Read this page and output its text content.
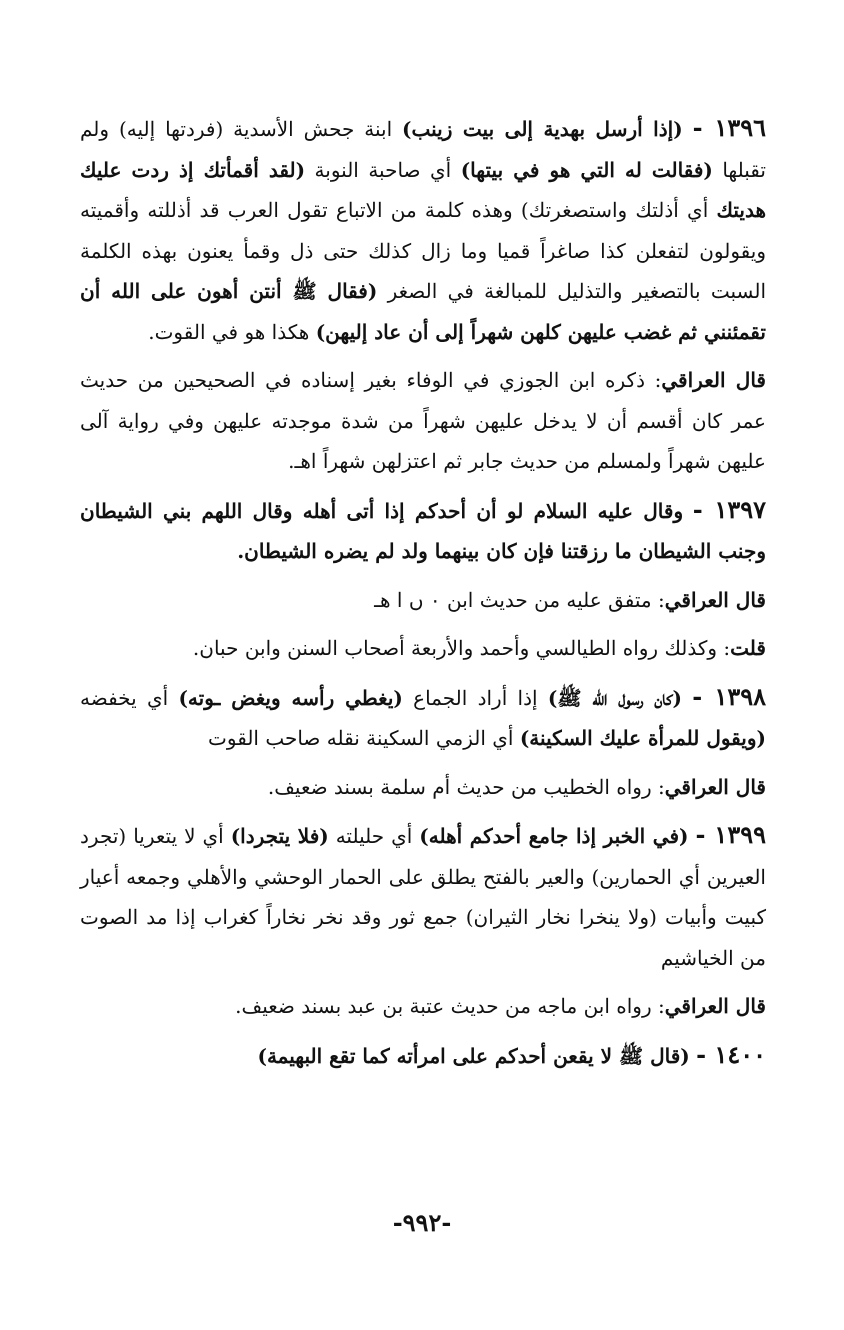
١٣٩٦ - (إذا أرسل بهدية إلى بيت زينب) ابنة جحش الأسدية (فردتها إليه) ولم تقبلها (فقالت له التي هو في بيتها) أي صاحبة النوبة (لقد أقمأتك إذ ردت عليك هديتك أي أذلتك واستصغرتك) وهذه كلمة من الاتباع تقول العرب قد أذللته وأقميته ويقولون لتفعلن كذا صاغراً قميا وما زال كذلك حتى ذل وقمأ يعنون بهذه الكلمة السبت بالتصغير والتذليل للمبالغة في الصغر (فقال ﷺ أنتن أهون على الله أن تقمئنني ثم غضب عليهن كلهن شهراً إلى أن عاد إليهن) هكذا هو في القوت.

قال العراقي: ذكره ابن الجوزي في الوفاء بغير إسناده في الصحيحين من حديث عمر كان أقسم أن لا يدخل عليهن شهراً من شدة موجدته عليهن وفي رواية آلى عليهن شهراً ولمسلم من حديث جابر ثم اعتزلهن شهراً اهـ.

١٣٩٧ - وقال عليه السلام لو أن أحدكم إذا أتى أهله وقال اللهم بني الشيطان وجنب الشيطان ما رزقتنا فإن كان بينهما ولد لم يضره الشيطان.

قال العراقي: متفق عليه من حديث ابن ٠ ں ا هـ

قلت: وكذلك رواه الطيالسي وأحمد والأربعة أصحاب السنن وابن حبان.

١٣٩٨ - (كان رسول الله ﷺ) إذا أراد الجماع (يغطي رأسه ويغض ـوته) أي يخفضه (ويقول للمرأة عليك السكينة) أي الزمي السكينة نقله صاحب القوت

قال العراقي: رواه الخطيب من حديث أم سلمة بسند ضعيف.

١٣٩٩ - (في الخبر إذا جامع أحدكم أهله) أي حليلته (فلا يتجردا) أي لا يتعريا (تجرد العيرين أي الحمارين) والعير بالفتح يطلق على الحمار الوحشي والأهلي وجمعه أعيار كبيت وأبيات (ولا ينخرا نخار الثيران) جمع ثور وقد نخر نخاراً كغراب إذا مد الصوت من الخياشيم

قال العراقي: رواه ابن ماجه من حديث عتبة بن عبد بسند ضعيف.

١٤٠٠ - (قال ﷺ لا يقعن أحدكم على امرأته كما تقع البهيمة)

-٩٩٢-
